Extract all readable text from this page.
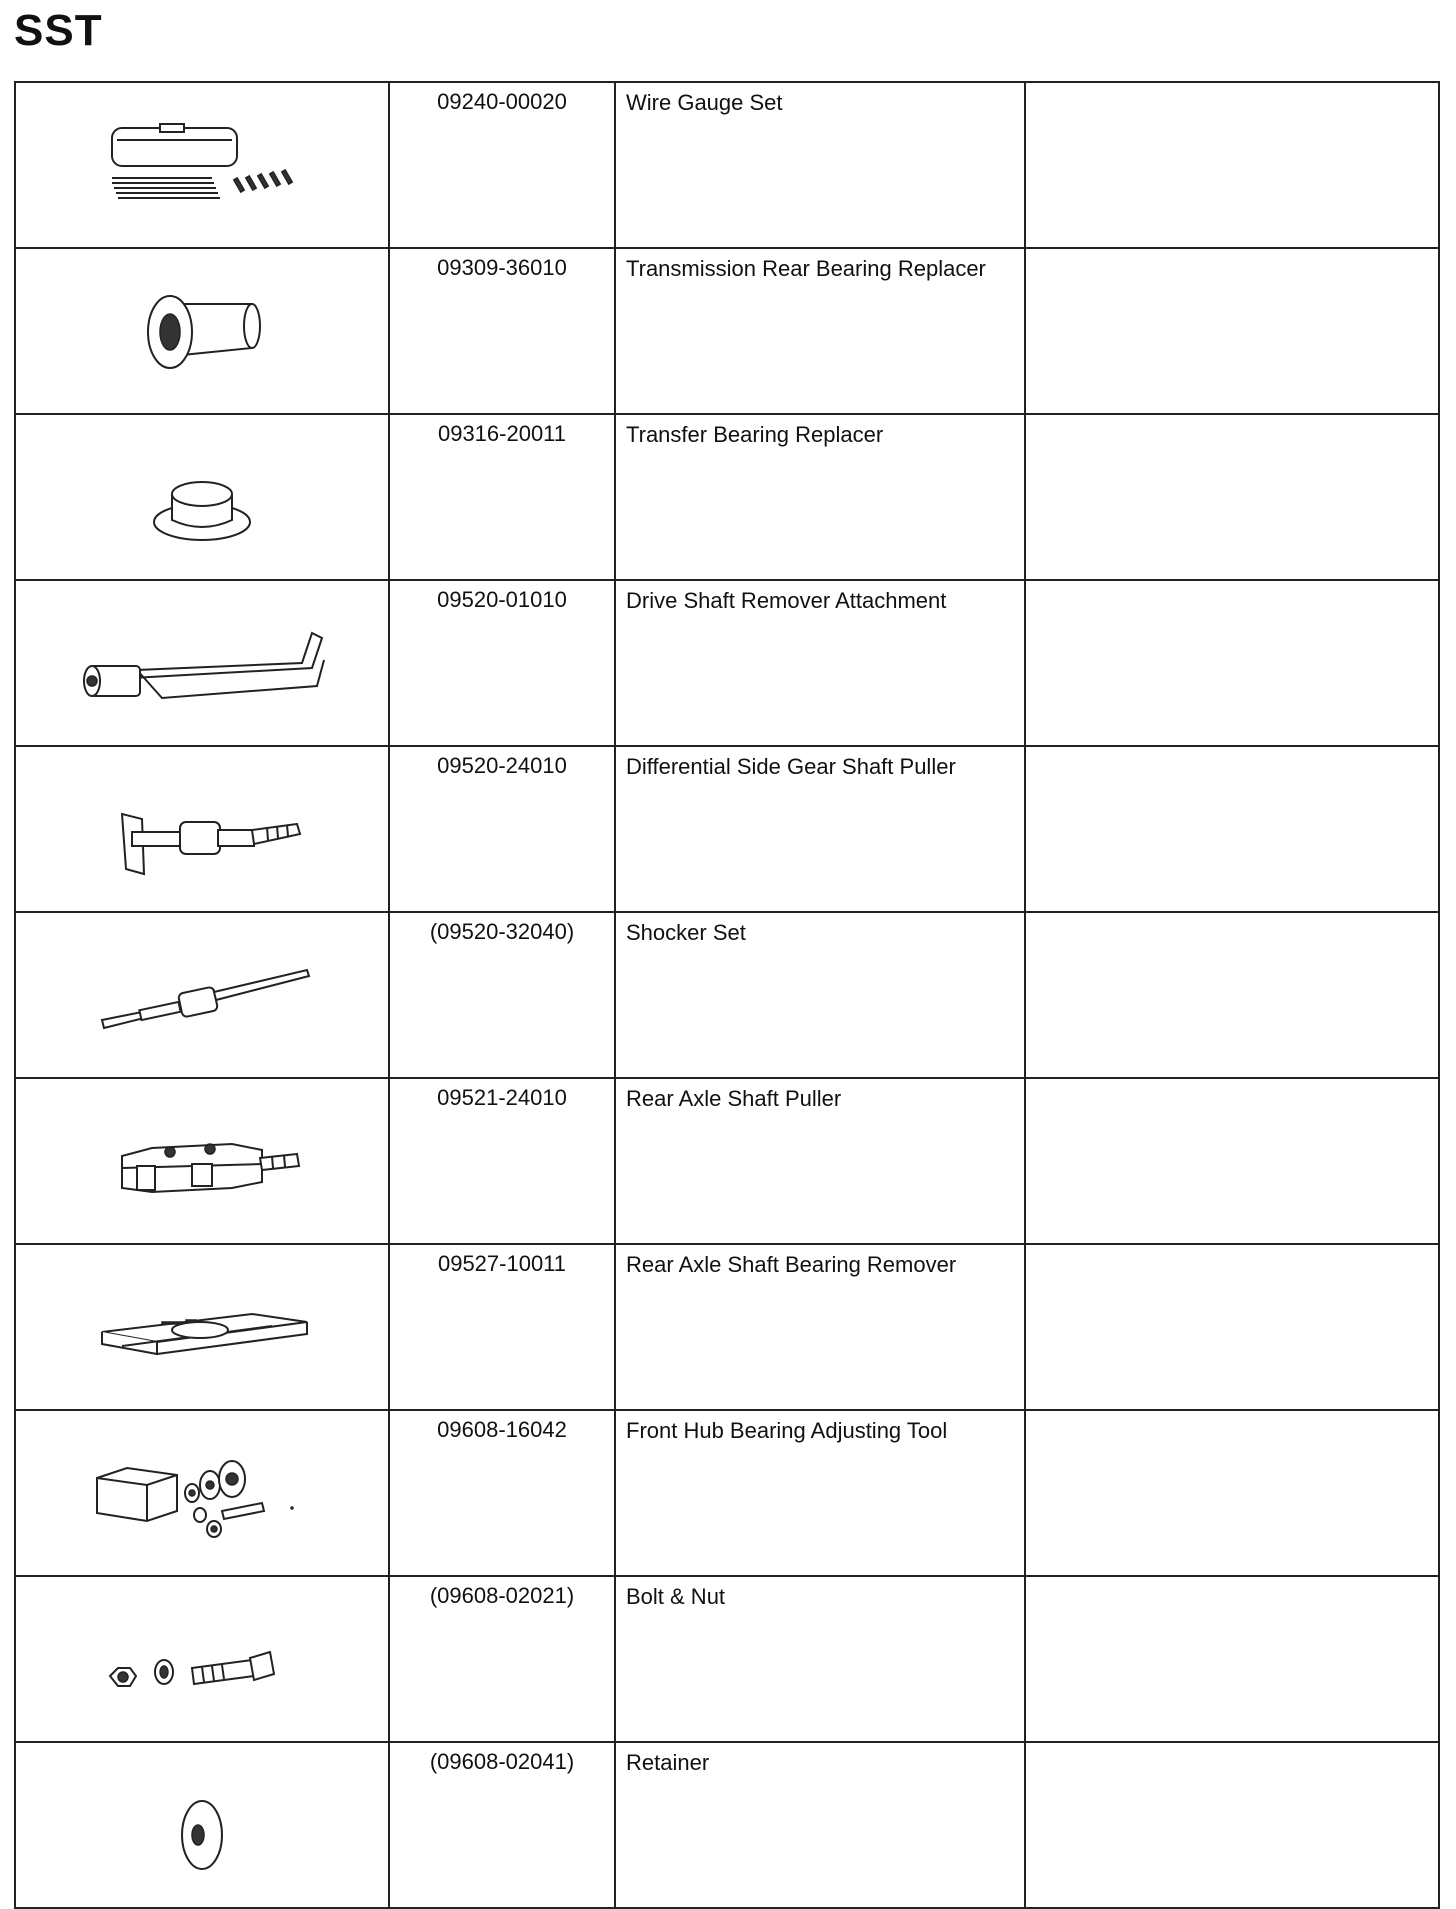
SST
	09240-00020	Wire Gauge Set	

	09309-36010	Transmission Rear Bearing Replacer	

	09316-20011	Transfer Bearing Replacer	

	09520-01010	Drive Shaft Remover Attachment	

	09520-24010	Differential Side Gear Shaft Puller	

	(09520-32040)	Shocker Set	

	09521-24010	Rear Axle Shaft Puller	

	09527-10011	Rear Axle Shaft Bearing Remover	

	09608-16042	Front Hub Bearing Adjusting Tool	

	(09608-02021)	Bolt & Nut	

	(09608-02041)	Retainer	
